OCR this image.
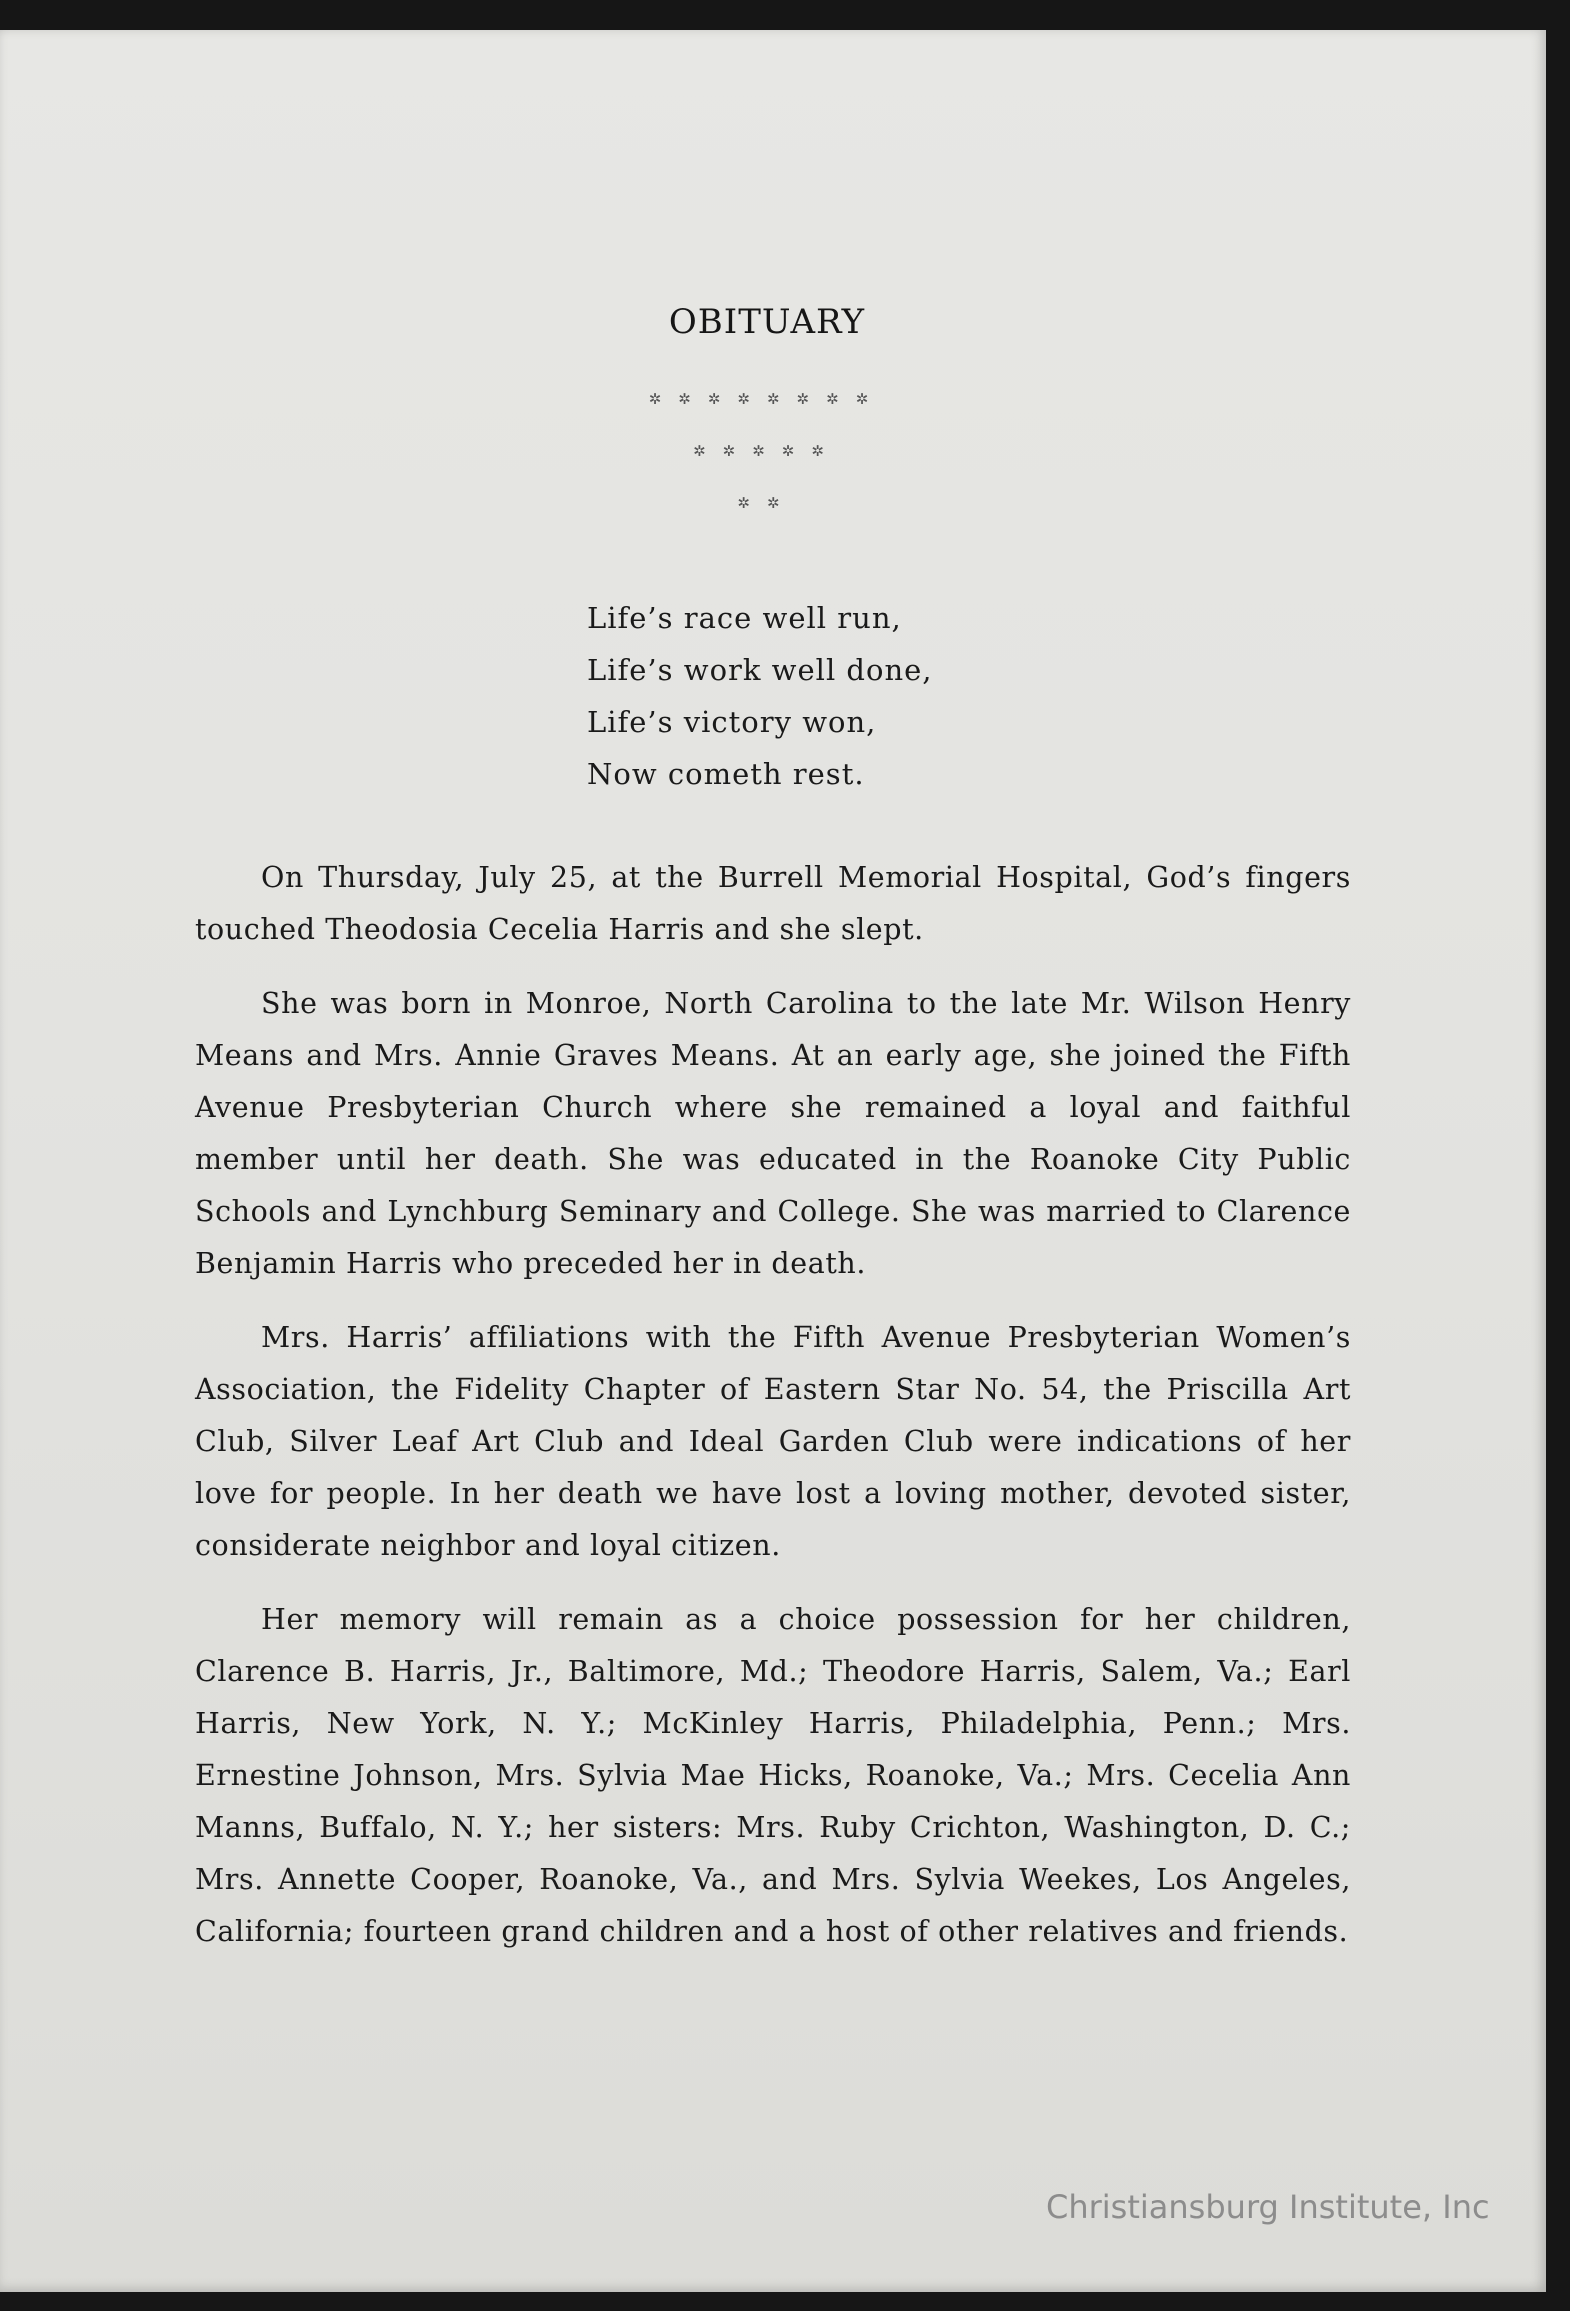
OBITUARY
✲✲✲✲✲✲✲✲
✲✲✲✲✲
✲✲
Life’s race well run,
Life’s work well done,
Life’s victory won,
Now cometh rest.

On Thursday, July 25, at the Burrell Memorial Hospital, God’s fingers touched Theodosia Cecelia Harris and she slept.

She was born in Monroe, North Carolina to the late Mr. Wilson Henry Means and Mrs. Annie Graves Means. At an early age, she joined the Fifth Avenue Presbyterian Church where she remained a loyal and faithful member until her death. She was educated in the Roanoke City Public Schools and Lynchburg Seminary and College. She was married to Clarence Benjamin Harris who preceded her in death.

Mrs. Harris’ affiliations with the Fifth Avenue Presbyterian Women’s Association, the Fidelity Chapter of Eastern Star No. 54, the Priscilla Art Club, Silver Leaf Art Club and Ideal Garden Club were indications of her love for people. In her death we have lost a loving mother, devoted sister, considerate neighbor and loyal citizen.

Her memory will remain as a choice possession for her children, Clarence B. Harris, Jr., Baltimore, Md.; Theodore Harris, Salem, Va.; Earl Harris, New York, N. Y.; McKinley Harris, Philadelphia, Penn.; Mrs. Ernestine Johnson, Mrs. Sylvia Mae Hicks, Roanoke, Va.; Mrs. Cecelia Ann Manns, Buffalo, N. Y.; her sisters: Mrs. Ruby Crichton, Washington, D. C.; Mrs. Annette Cooper, Roanoke, Va., and Mrs. Sylvia Weekes, Los Angeles, California; fourteen grand children and a host of other relatives and friends.

Christiansburg Institute, Inc
